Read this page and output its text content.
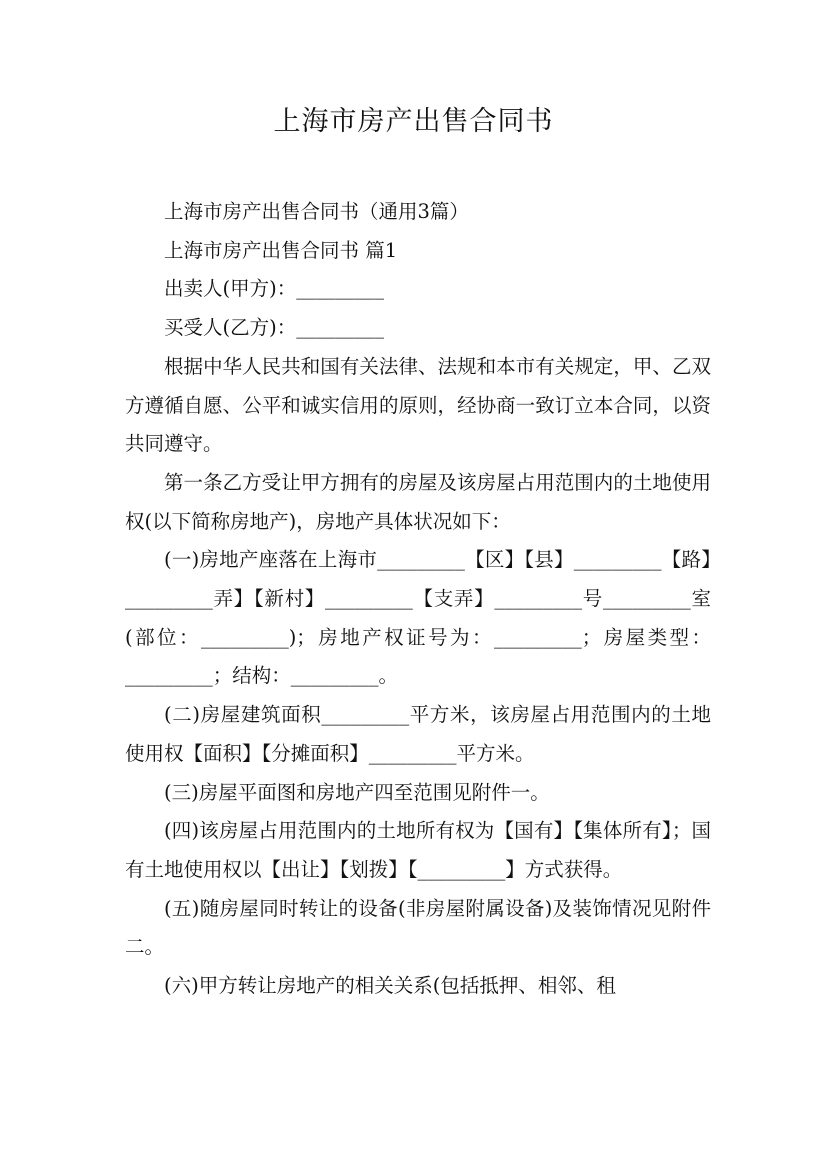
上海市房产出售合同书

上海市房产出售合同书（通用3篇）

上海市房产出售合同书 篇1

出卖人(甲方)：_________

买受人(乙方)：_________

根据中华人民共和国有关法律、法规和本市有关规定，甲、乙双方遵循自愿、公平和诚实信用的原则，经协商一致订立本合同，以资共同遵守。

第一条乙方受让甲方拥有的房屋及该房屋占用范围内的土地使用权(以下简称房地产)，房地产具体状况如下：

(一)房地产座落在上海市_________【区】【县】_________【路】_________弄】【新村】_________【支弄】_________号_________室(部位：_________)；房地产权证号为：_________；房屋类型：_________；结构：_________。

(二)房屋建筑面积_________平方米，该房屋占用范围内的土地使用权【面积】【分摊面积】_________平方米。

(三)房屋平面图和房地产四至范围见附件一。

(四)该房屋占用范围内的土地所有权为【国有】【集体所有】；国有土地使用权以【出让】【划拨】【_________】方式获得。

(五)随房屋同时转让的设备(非房屋附属设备)及装饰情况见附件二。

(六)甲方转让房地产的相关关系(包括抵押、相邻、租
